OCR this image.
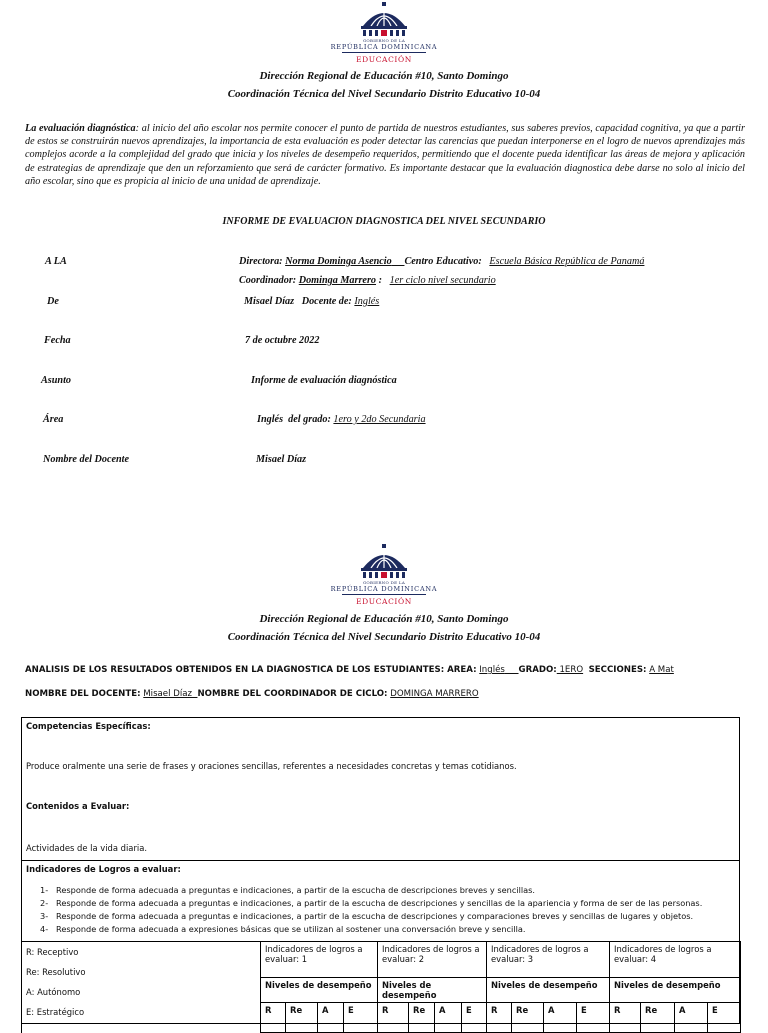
GOBIERNO DE LA
REPÚBLICA DOMINICANA
EDUCACIÓN
Dirección Regional de Educación #10, Santo Domingo
Coordinación Técnica del Nivel Secundario Distrito Educativo 10-04
La evaluación diagnóstica: al inicio del año escolar nos permite conocer el punto de partida de nuestros estudiantes, sus saberes previos, capacidad cognitiva, ya que a partir de estos se construirán nuevos aprendizajes, la importancia de esta evaluación es poder detectar las carencias que puedan interponerse en el logro de nuevos aprendizajes más complejos acorde a la complejidad del grado que inicia y los niveles de desempeño requeridos, permitiendo que el docente pueda identificar las áreas de mejora y aplicación de estrategias de aprendizaje que den un reforzamiento que será de carácter formativo. Es importante destacar que la evaluación diagnostica debe darse no solo al inicio del año escolar, sino que es propicia al inicio de una unidad de aprendizaje.
INFORME DE EVALUACION DIAGNOSTICA DEL NIVEL SECUNDARIO
A LA	Directora: Norma Dominga Asencio Centro Educativo: Escuela Básica República de Panamá
Coordinador: Dominga Marrero : 1er ciclo nivel secundario
De	Misael Díaz Docente de: Inglés
Fecha	7 de octubre 2022
Asunto	Informe de evaluación diagnóstica
Área	Inglés del grado: 1ero y 2do Secundaria
Nombre del Docente	Misael Díaz
GOBIERNO DE LA
REPÚBLICA DOMINICANA
EDUCACIÓN
Dirección Regional de Educación #10, Santo Domingo
Coordinación Técnica del Nivel Secundario Distrito Educativo 10-04
ANALISIS DE LOS RESULTADOS OBTENIDOS EN LA DIAGNOSTICA DE LOS ESTUDIANTES: AREA: Inglés GRADO: 1ERO SECCIONES: A Mat
NOMBRE DEL DOCENTE: Misael Díaz NOMBRE DEL COORDINADOR DE CICLO: DOMINGA MARRERO
Competencias Específicas:
Produce oralmente una serie de frases y oraciones sencillas, referentes a necesidades concretas y temas cotidianos.
Contenidos a Evaluar:
Actividades de la vida diaria.
Indicadores de Logros a evaluar:
1- Responde de forma adecuada a preguntas e indicaciones, a partir de la escucha de descripciones breves y sencillas.
2- Responde de forma adecuada a preguntas e indicaciones, a partir de la escucha de descripciones y sencillas de la apariencia y forma de ser de las personas.
3- Responde de forma adecuada a preguntas e indicaciones, a partir de la escucha de descripciones y comparaciones breves y sencillas de lugares y objetos.
4- Responde de forma adecuada a expresiones básicas que se utilizan al sostener una conversación breve y sencilla.
R: Receptivo
Re: Resolutivo
A: Autónomo
E: Estratégico	Indicadores de logros a evaluar: 1				Indicadores de logros a evaluar: 2				Indicadores de logros a evaluar: 3				Indicadores de logros a evaluar: 4			
	Niveles de desempeño				Niveles de desempeño				Niveles de desempeño				Niveles de desempeño			
	R	Re	A	E	R	Re	A	E	R	Re	A	E	R	Re	A	E
